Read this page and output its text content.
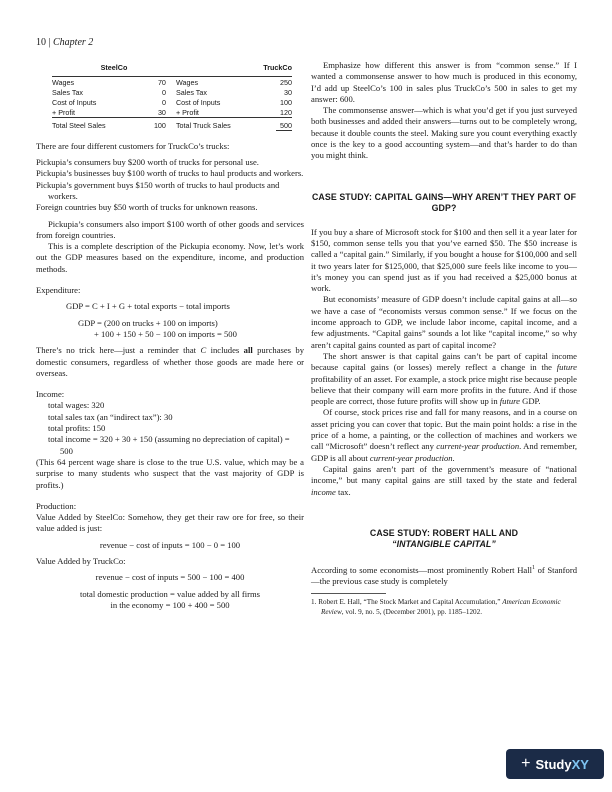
10 | Chapter 2
SteelCo		TruckCo	
Wages	70	Wages	250
Sales Tax	0	Sales Tax	30
Cost of Inputs	0	Cost of Inputs	100
+ Profit	30	+ Profit	120
Total Steel Sales	100	Total Truck Sales	500

There are four different customers for TruckCo’s trucks:

Pickupia’s consumers buy $200 worth of trucks for personal use.

Pickupia’s businesses buy $100 worth of trucks to haul products and workers.

Pickupia’s government buys $150 worth of trucks to haul products and workers.

Foreign countries buy $50 worth of trucks for unknown reasons.

Pickupia’s consumers also import $100 worth of other goods and services from foreign countries.

This is a complete description of the Pickupia economy. Now, let’s work out the GDP measures based on the expenditure, income, and production methods.

Expenditure:

GDP = C + I + G + total exports − total imports

GDP = (200 on trucks + 100 on imports)

+ 100 + 150 + 50 − 100 on imports = 500

There’s no trick here—just a reminder that C includes all purchases by domestic consumers, regardless of whether those goods are made here or overseas.

Income:

total wages: 320

total sales tax (an “indirect tax”): 30

total profits: 150

total income = 320 + 30 + 150 (assuming no depreciation of capital) = 500

(This 64 percent wage share is close to the true U.S. value, which may be a surprise to many students who suspect that the vast majority of GDP is profits.)

Production:

Value Added by SteelCo: Somehow, they get their raw ore for free, so their value added is just:

revenue − cost of inputs = 100 − 0 = 100

Value Added by TruckCo:

revenue − cost of inputs = 500 − 100 = 400

total domestic production = value added by all firms

in the economy = 100 + 400 = 500

Emphasize how different this answer is from “common sense.” If I wanted a commonsense answer to how much is produced in this economy, I’d add up SteelCo’s 100 in sales plus TruckCo’s 500 in sales to get my answer: 600.

The commonsense answer—which is what you’d get if you just surveyed both businesses and added their answers—turns out to be completely wrong, because it double counts the steel. Making sure you count everything exactly once is the key to a good accounting system—and that’s harder to do than you might think.

CASE STUDY: CAPITAL GAINS—WHY AREN’T THEY PART OF GDP?

If you buy a share of Microsoft stock for $100 and then sell it a year later for $150, common sense tells you that you’ve earned $50. The $50 increase is called a “capital gain.” Similarly, if you bought a house for $100,000 and sell it two years later for $125,000, that $25,000 sure feels like income to you—it’s money you can spend just as if you had received a $25,000 bonus at work.

But economists’ measure of GDP doesn’t include capital gains at all—so we have a case of “economists versus common sense.” If we focus on the income approach to GDP, we include labor income, capital income, and a few adjustments. “Capital gains” sounds a lot like “capital income,” so why aren’t capital gains counted as part of capital income?

The short answer is that capital gains can’t be part of capital income because capital gains (or losses) merely reflect a change in the future profitability of an asset. For example, a stock price might rise because people believe that their company will earn more profits in the future. And if those people are correct, those future profits will show up in future GDP.

Of course, stock prices rise and fall for many reasons, and in a course on asset pricing you can cover that topic. But the main point holds: a rise in the price of a home, a painting, or the collection of machines and workers we call “Microsoft” doesn’t reflect any current-year production. And remember, GDP is all about current-year production.

Capital gains aren’t part of the government’s measure of “national income,” but many capital gains are still taxed by the state and federal income tax.

CASE STUDY: ROBERT HALL AND
“INTANGIBLE CAPITAL”

According to some economists—most prominently Robert Hall$^1$ of Stanford—the previous case study is completely

1. Robert E. Hall, “The Stock Market and Capital Accumulation,” American Economic Review, vol. 9, no. 5, (December 2001), pp. 1185–1202.

+ StudyXY
